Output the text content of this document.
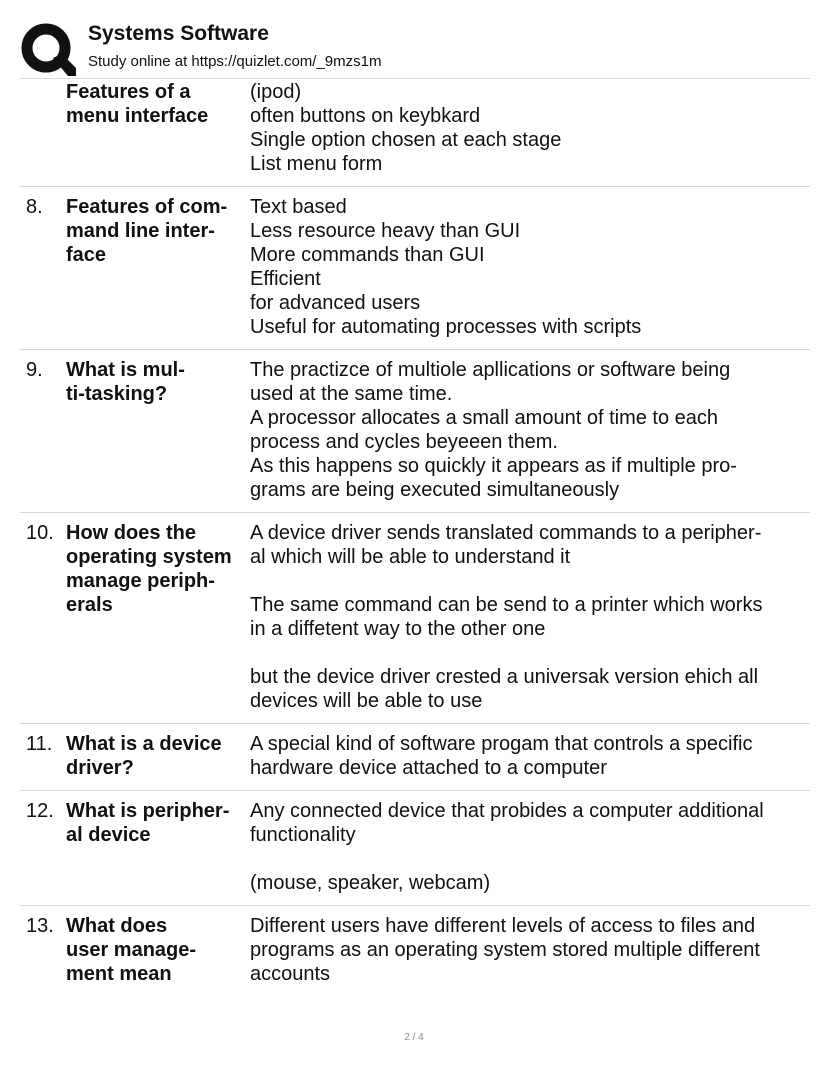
Systems Software
Study online at https://quizlet.com/_9mzs1m
Features of a
menu interface
(ipod)
often buttons on keybkard
Single option chosen at each stage
List menu form
8.	Features of com-
mand line inter-
face
Text based
Less resource heavy than GUI
More commands than GUI
Efficient
for advanced users
Useful for automating processes with scripts
9.	What is mul-
ti-tasking?
The practizce of multiole apllications or software being
used at the same time.
A processor allocates a small amount of time to each
process and cycles beyeeen them.
As this happens so quickly it appears as if multiple pro-
grams are being executed simultaneously
10. How does the
operating system
manage periph-
erals
A device driver sends translated commands to a peripher-
al which will be able to understand it

The same command can be send to a printer which works
in a diffetent way to the other one

but the device driver crested a universak version ehich all
devices will be able to use
11. What is a device
driver?
A special kind of software progam that controls a specific
hardware device attached to a computer
12. What is peripher-
al device
Any connected device that probides a computer additional
functionality

(mouse, speaker, webcam)
13. What does
user manage-
ment mean
Different users have different levels of access to files and
programs as an operating system stored multiple different
accounts
2 / 4
